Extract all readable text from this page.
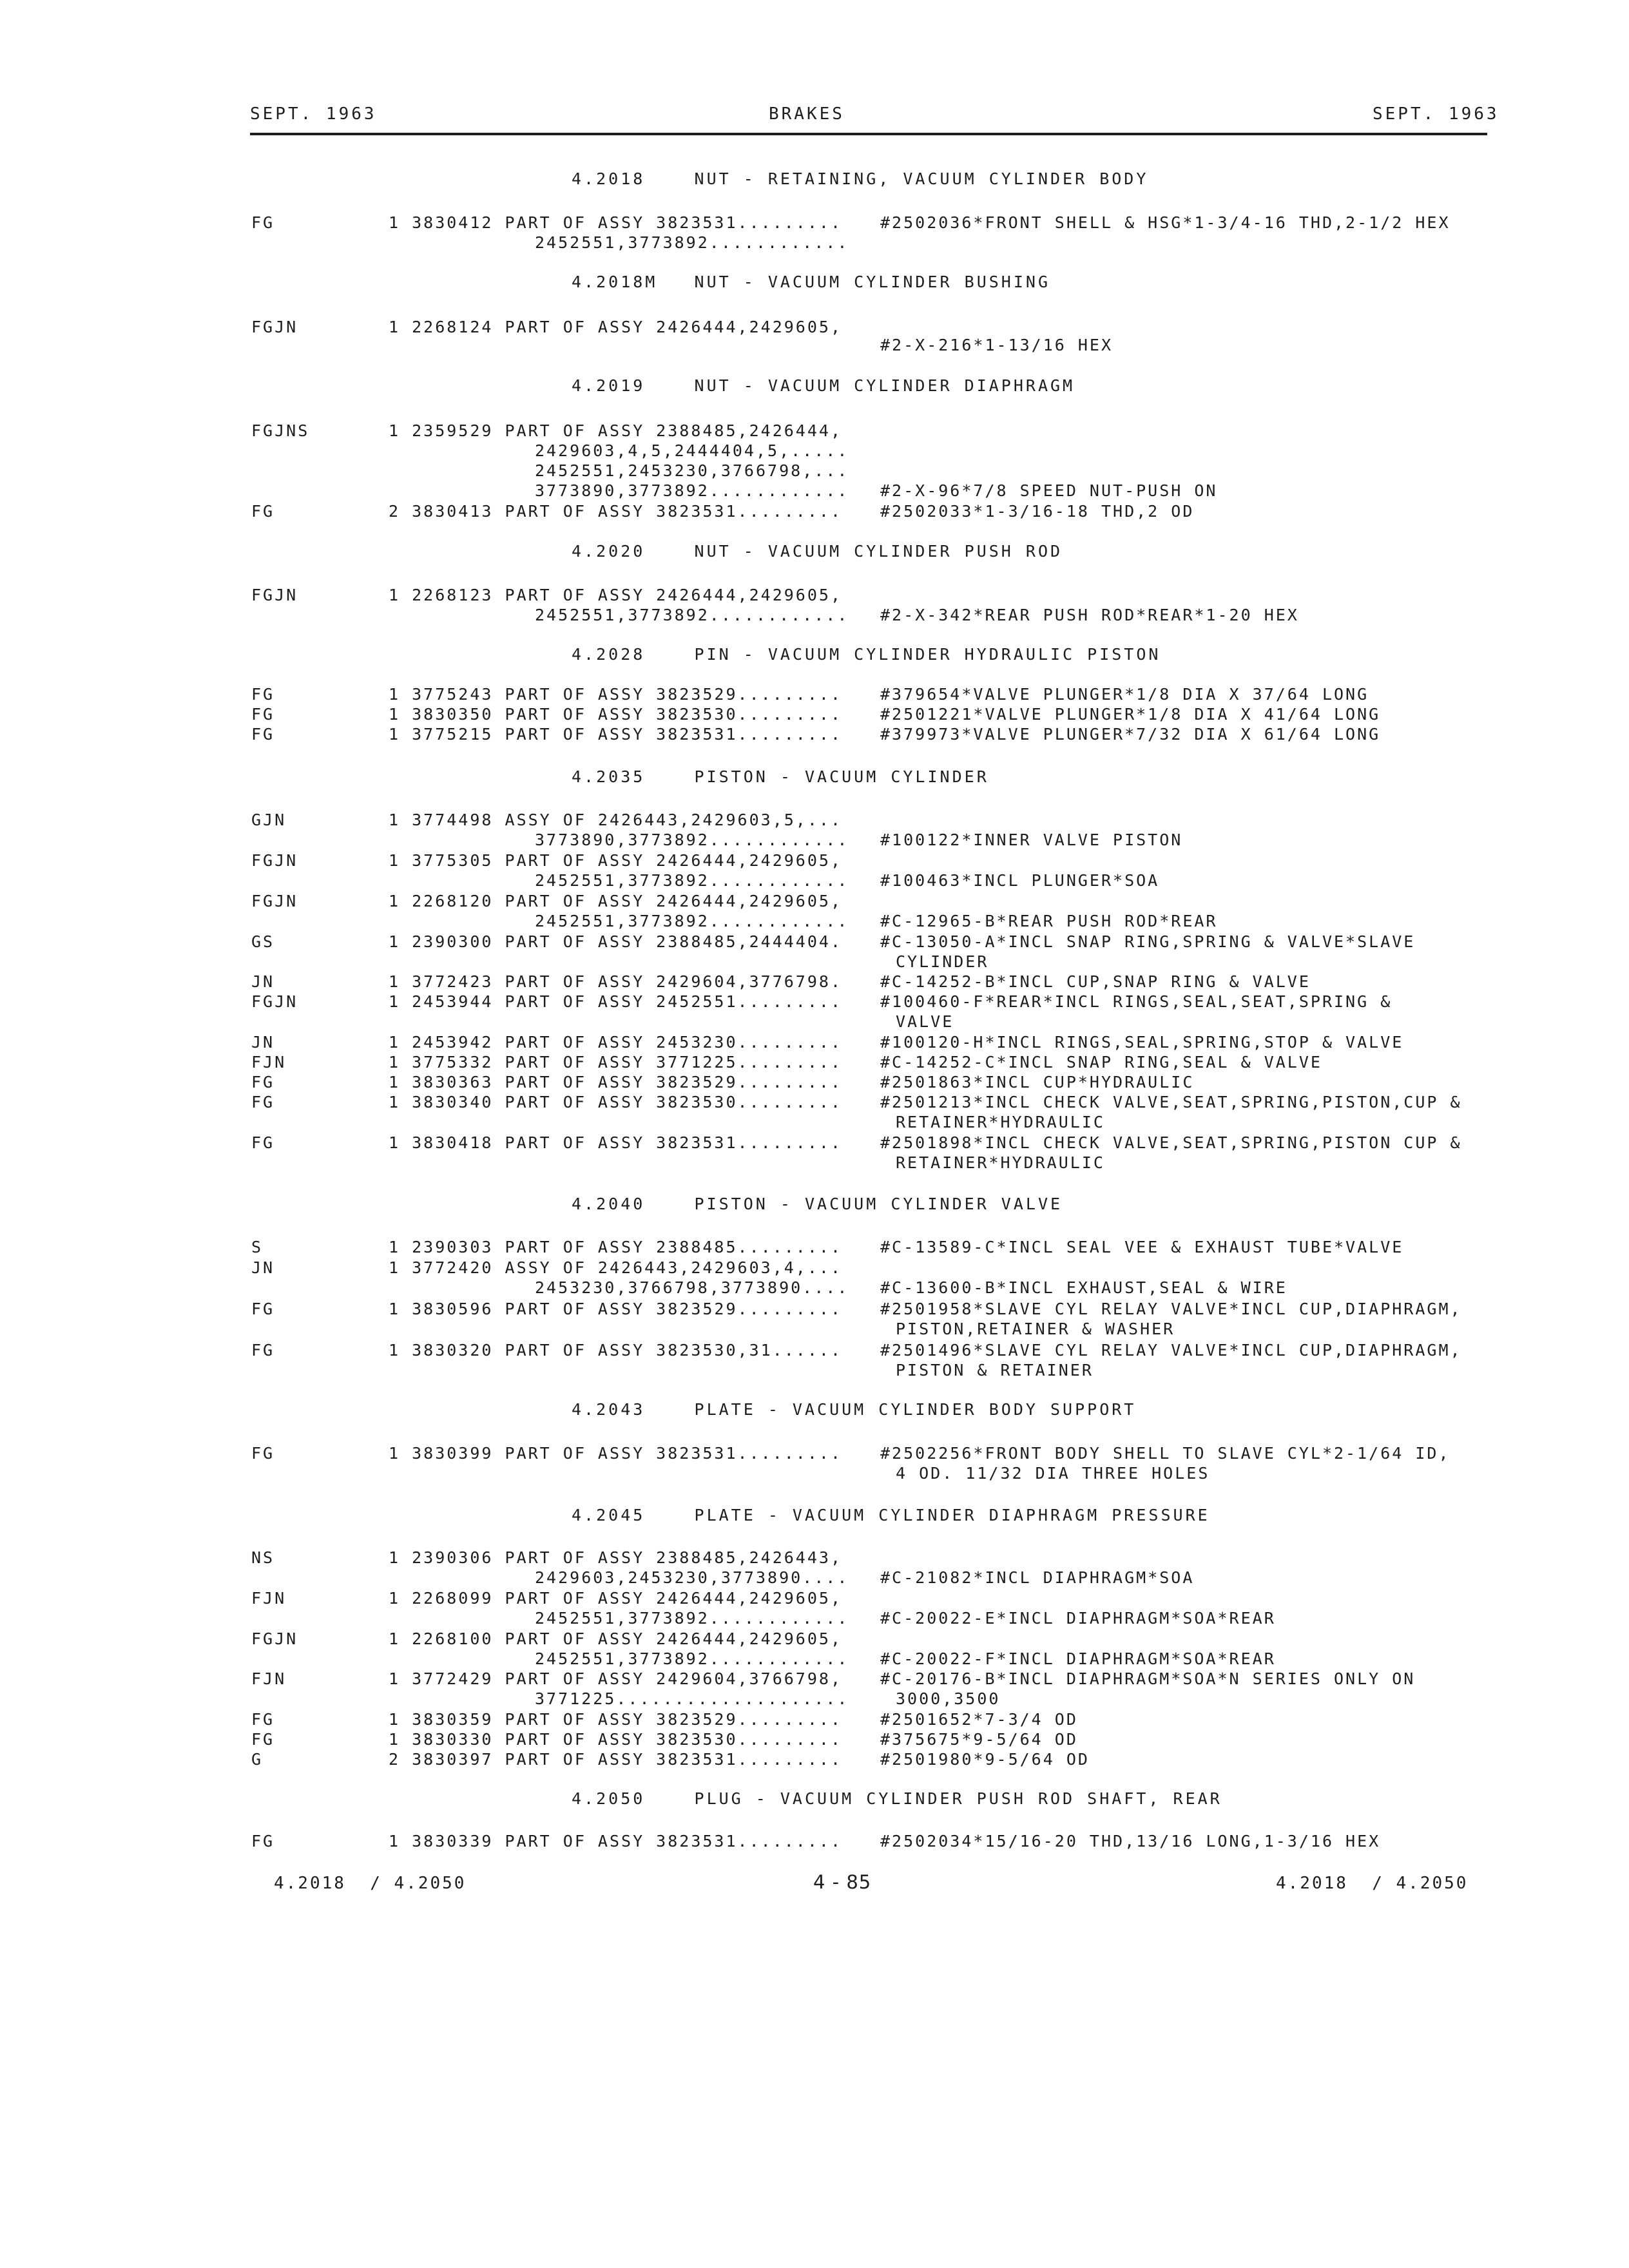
SEPT. 1963	BRAKES	SEPT. 1963
4.2018    NUT - RETAINING, VACUUM CYLINDER BODY
FG	1 3830412 PART OF ASSY 3823531......... #2502036*FRONT SHELL & HSG*1-3/4-16 THD,2-1/2 HEX
2452551,3773892............
4.2018M   NUT - VACUUM CYLINDER BUSHING
FGJN	1 2268124 PART OF ASSY 2426444,2429605,
#2-X-216*1-13/16 HEX
4.2019    NUT - VACUUM CYLINDER DIAPHRAGM
FGJNS	1 2359529 PART OF ASSY 2388485,2426444,
2429603,4,5,2444404,5,.....
2452551,2453230,3766798,...
3773890,3773892............ #2-X-96*7/8 SPEED NUT-PUSH ON
FG	2 3830413 PART OF ASSY 3823531......... #2502033*1-3/16-18 THD,2 OD
4.2020    NUT - VACUUM CYLINDER PUSH ROD
FGJN	1 2268123 PART OF ASSY 2426444,2429605,
2452551,3773892............ #2-X-342*REAR PUSH ROD*REAR*1-20 HEX
4.2028    PIN - VACUUM CYLINDER HYDRAULIC PISTON
FG	1 3775243 PART OF ASSY 3823529......... #379654*VALVE PLUNGER*1/8 DIA X 37/64 LONG
FG	1 3830350 PART OF ASSY 3823530......... #2501221*VALVE PLUNGER*1/8 DIA X 41/64 LONG
FG	1 3775215 PART OF ASSY 3823531......... #379973*VALVE PLUNGER*7/32 DIA X 61/64 LONG
4.2035    PISTON - VACUUM CYLINDER
GJN	1 3774498 ASSY OF 2426443,2429603,5,...
3773890,3773892............ #100122*INNER VALVE PISTON
FGJN	1 3775305 PART OF ASSY 2426444,2429605,
2452551,3773892............ #100463*INCL PLUNGER*SOA
FGJN	1 2268120 PART OF ASSY 2426444,2429605,
2452551,3773892............ #C-12965-B*REAR PUSH ROD*REAR
GS	1 2390300 PART OF ASSY 2388485,2444404. #C-13050-A*INCL SNAP RING,SPRING & VALVE*SLAVE
CYLINDER
JN	1 3772423 PART OF ASSY 2429604,3776798. #C-14252-B*INCL CUP,SNAP RING & VALVE
FGJN	1 2453944 PART OF ASSY 2452551......... #100460-F*REAR*INCL RINGS,SEAL,SEAT,SPRING &
VALVE
JN	1 2453942 PART OF ASSY 2453230......... #100120-H*INCL RINGS,SEAL,SPRING,STOP & VALVE
FJN	1 3775332 PART OF ASSY 3771225......... #C-14252-C*INCL SNAP RING,SEAL & VALVE
FG	1 3830363 PART OF ASSY 3823529......... #2501863*INCL CUP*HYDRAULIC
FG	1 3830340 PART OF ASSY 3823530......... #2501213*INCL CHECK VALVE,SEAT,SPRING,PISTON,CUP &
RETAINER*HYDRAULIC
FG	1 3830418 PART OF ASSY 3823531......... #2501898*INCL CHECK VALVE,SEAT,SPRING,PISTON CUP &
RETAINER*HYDRAULIC
4.2040    PISTON - VACUUM CYLINDER VALVE
S	1 2390303 PART OF ASSY 2388485......... #C-13589-C*INCL SEAL VEE & EXHAUST TUBE*VALVE
JN	1 3772420 ASSY OF 2426443,2429603,4,...
2453230,3766798,3773890.... #C-13600-B*INCL EXHAUST,SEAL & WIRE
FG	1 3830596 PART OF ASSY 3823529......... #2501958*SLAVE CYL RELAY VALVE*INCL CUP,DIAPHRAGM,
PISTON,RETAINER & WASHER
FG	1 3830320 PART OF ASSY 3823530,31...... #2501496*SLAVE CYL RELAY VALVE*INCL CUP,DIAPHRAGM,
PISTON & RETAINER
4.2043    PLATE - VACUUM CYLINDER BODY SUPPORT
FG	1 3830399 PART OF ASSY 3823531......... #2502256*FRONT BODY SHELL TO SLAVE CYL*2-1/64 ID,
4 OD. 11/32 DIA THREE HOLES
4.2045    PLATE - VACUUM CYLINDER DIAPHRAGM PRESSURE
NS	1 2390306 PART OF ASSY 2388485,2426443,
2429603,2453230,3773890.... #C-21082*INCL DIAPHRAGM*SOA
FJN	1 2268099 PART OF ASSY 2426444,2429605,
2452551,3773892............ #C-20022-E*INCL DIAPHRAGM*SOA*REAR
FGJN	1 2268100 PART OF ASSY 2426444,2429605,
2452551,3773892............ #C-20022-F*INCL DIAPHRAGM*SOA*REAR
FJN	1 3772429 PART OF ASSY 2429604,3766798, #C-20176-B*INCL DIAPHRAGM*SOA*N SERIES ONLY ON
3771225....................	3000,3500
FG	1 3830359 PART OF ASSY 3823529......... #2501652*7-3/4 OD
FG	1 3830330 PART OF ASSY 3823530......... #375675*9-5/64 OD
G	2 3830397 PART OF ASSY 3823531......... #2501980*9-5/64 OD
4.2050    PLUG - VACUUM CYLINDER PUSH ROD SHAFT, REAR
FG	1 3830339 PART OF ASSY 3823531......... #2502034*15/16-20 THD,13/16 LONG,1-3/16 HEX
4.2018  / 4.2050	4 - 85	4.2018  / 4.2050
